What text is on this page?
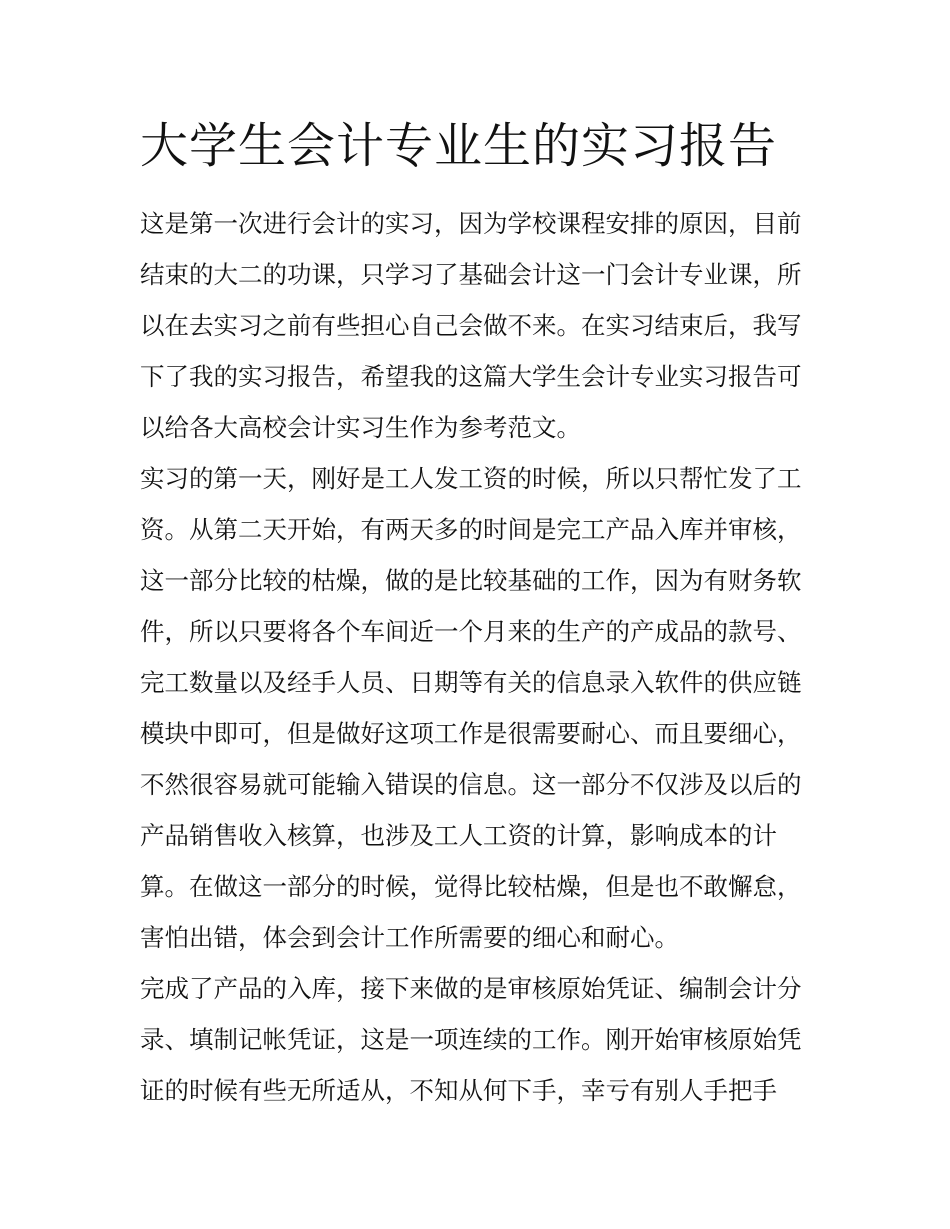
大学生会计专业生的实习报告
这是第一次进行会计的实习，因为学校课程安排的原因，目前
结束的大二的功课，只学习了基础会计这一门会计专业课，所
以在去实习之前有些担心自己会做不来。在实习结束后，我写
下了我的实习报告，希望我的这篇大学生会计专业实习报告可
以给各大高校会计实习生作为参考范文。
实习的第一天，刚好是工人发工资的时候，所以只帮忙发了工
资。从第二天开始，有两天多的时间是完工产品入库并审核，
这一部分比较的枯燥，做的是比较基础的工作，因为有财务软
件，所以只要将各个车间近一个月来的生产的产成品的款号、
完工数量以及经手人员、日期等有关的信息录入软件的供应链
模块中即可，但是做好这项工作是很需要耐心、而且要细心，
不然很容易就可能输入错误的信息。这一部分不仅涉及以后的
产品销售收入核算，也涉及工人工资的计算，影响成本的计
算。在做这一部分的时候，觉得比较枯燥，但是也不敢懈怠，
害怕出错，体会到会计工作所需要的细心和耐心。
完成了产品的入库，接下来做的是审核原始凭证、编制会计分
录、填制记帐凭证，这是一项连续的工作。刚开始审核原始凭
证的时候有些无所适从，不知从何下手，幸亏有别人手把手
